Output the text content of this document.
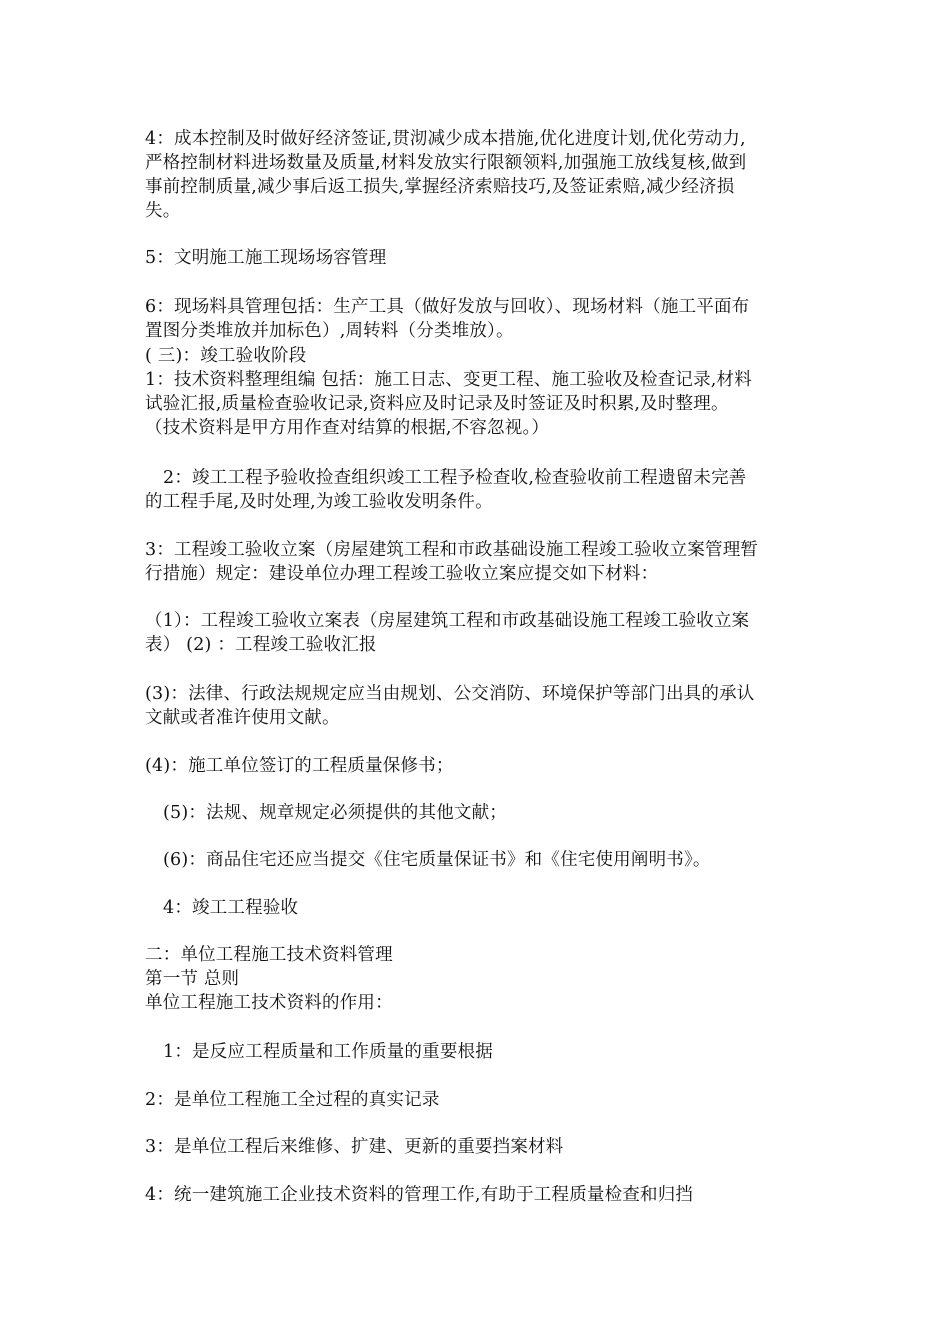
4：成本控制及时做好经济签证,贯沏减少成本措施,优化进度计划,优化劳动力,
严格控制材料进场数量及质量,材料发放实行限额领料,加强施工放线复核,做到
事前控制质量,减少事后返工损失,掌握经济索赔技巧,及签证索赔,减少经济损
失。
5：文明施工施工现场场容管理
6：现场料具管理包括：生产工具（做好发放与回收）、现场材料（施工平面布
置图分类堆放并加标色）,周转料（分类堆放）。
( 三)：竣工验收阶段
1：技术资料整理组编 包括：施工日志、变更工程、施工验收及检查记录,材料
试验汇报,质量检查验收记录,资料应及时记录及时签证及时积累,及时整理。
（技术资料是甲方用作查对结算的根据,不容忽视。）
2：竣工工程予验收捡查组织竣工工程予检查收,检查验收前工程遗留未完善
的工程手尾,及时处理,为竣工验收发明条件。
3：工程竣工验收立案（房屋建筑工程和市政基础设施工程竣工验收立案管理暂
行措施）规定：建设单位办理工程竣工验收立案应提交如下材料：
（1）：工程竣工验收立案表（房屋建筑工程和市政基础设施工程竣工验收立案
表） (2) ：工程竣工验收汇报
(3)：法律、行政法规规定应当由规划、公交消防、环境保护等部门出具的承认
文献或者准许使用文献。
(4)：施工单位签订的工程质量保修书；
(5)：法规、规章规定必须提供的其他文献；
(6)：商品住宅还应当提交《住宅质量保证书》和《住宅使用阐明书》。
4：竣工工程验收
二：单位工程施工技术资料管理
第一节 总则
单位工程施工技术资料的作用：
1：是反应工程质量和工作质量的重要根据
2：是单位工程施工全过程的真实记录
3：是单位工程后来维修、扩建、更新的重要挡案材料
4：统一建筑施工企业技术资料的管理工作,有助于工程质量检查和归挡
